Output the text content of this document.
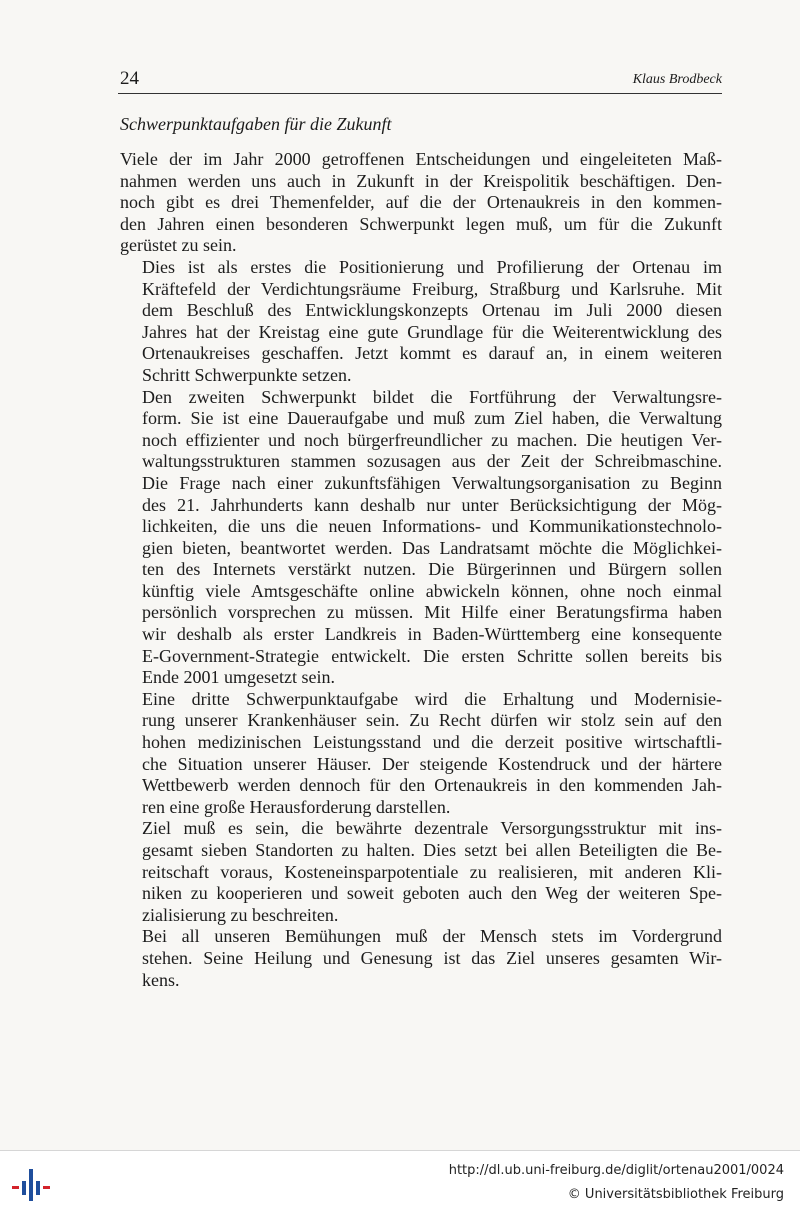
24	Klaus Brodbeck
Schwerpunktaufgaben für die Zukunft

Viele der im Jahr 2000 getroffenen Entscheidungen und eingeleiteten Maß-
nahmen werden uns auch in Zukunft in der Kreispolitik beschäftigen. Den-
noch gibt es drei Themenfelder, auf die der Ortenaukreis in den kommen-
den Jahren einen besonderen Schwerpunkt legen muß, um für die Zukunft
gerüstet zu sein.

Dies ist als erstes die Positionierung und Profilierung der Ortenau im
Kräftefeld der Verdichtungsräume Freiburg, Straßburg und Karlsruhe. Mit
dem Beschluß des Entwicklungskonzepts Ortenau im Juli 2000 diesen
Jahres hat der Kreistag eine gute Grundlage für die Weiterentwicklung des
Ortenaukreises geschaffen. Jetzt kommt es darauf an, in einem weiteren
Schritt Schwerpunkte setzen.

Den zweiten Schwerpunkt bildet die Fortführung der Verwaltungsre-
form. Sie ist eine Daueraufgabe und muß zum Ziel haben, die Verwaltung
noch effizienter und noch bürgerfreundlicher zu machen. Die heutigen Ver-
waltungsstrukturen stammen sozusagen aus der Zeit der Schreibmaschine.
Die Frage nach einer zukunftsfähigen Verwaltungsorganisation zu Beginn
des 21. Jahrhunderts kann deshalb nur unter Berücksichtigung der Mög-
lichkeiten, die uns die neuen Informations- und Kommunikationstechnolo-
gien bieten, beantwortet werden. Das Landratsamt möchte die Möglichkei-
ten des Internets verstärkt nutzen. Die Bürgerinnen und Bürgern sollen
künftig viele Amtsgeschäfte online abwickeln können, ohne noch einmal
persönlich vorsprechen zu müssen. Mit Hilfe einer Beratungsfirma haben
wir deshalb als erster Landkreis in Baden-Württemberg eine konsequente
E-Government-Strategie entwickelt. Die ersten Schritte sollen bereits bis
Ende 2001 umgesetzt sein.

Eine dritte Schwerpunktaufgabe wird die Erhaltung und Modernisie-
rung unserer Krankenhäuser sein. Zu Recht dürfen wir stolz sein auf den
hohen medizinischen Leistungsstand und die derzeit positive wirtschaftli-
che Situation unserer Häuser. Der steigende Kostendruck und der härtere
Wettbewerb werden dennoch für den Ortenaukreis in den kommenden Jah-
ren eine große Herausforderung darstellen.

Ziel muß es sein, die bewährte dezentrale Versorgungsstruktur mit ins-
gesamt sieben Standorten zu halten. Dies setzt bei allen Beteiligten die Be-
reitschaft voraus, Kosteneinsparpotentiale zu realisieren, mit anderen Kli-
niken zu kooperieren und soweit geboten auch den Weg der weiteren Spe-
zialisierung zu beschreiten.

Bei all unseren Bemühungen muß der Mensch stets im Vordergrund
stehen. Seine Heilung und Genesung ist das Ziel unseres gesamten Wir-
kens.

http://dl.ub.uni-freiburg.de/diglit/ortenau2001/0024
© Universitätsbibliothek Freiburg
